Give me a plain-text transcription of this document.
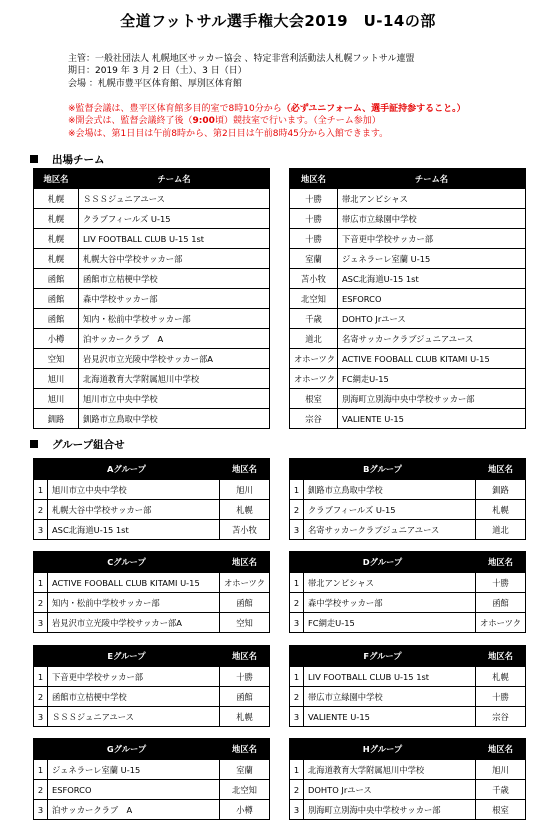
全道フットサル選手権大会2019　U-14の部
主管：一般社団法人 札幌地区サッカー協会 、特定非営利活動法人札幌フットサル連盟
期日：2019 年 3 月 2 日（土）、3 日（日）
会場 ：札幌市豊平区体育館、厚別区体育館
※監督会議は、豊平区体育館多目的室で8時10分から（必ずユニフォーム、選手証持参すること。）
※開会式は、監督会議終了後（9:00頃）競技室で行います。（全チーム参加）
※会場は、第1日目は午前8時から、第2日目は午前8時45分から入館できます。
出場チーム
地区名	チーム名
札幌	ＳＳＳジュニアユース
札幌	クラブフィールズ U-15
札幌	LIV FOOTBALL CLUB U-15 1st
札幌	札幌大谷中学校サッカー部
函館	函館市立桔梗中学校
函館	森中学校サッカー部
函館	知内・松前中学校サッカー部
小樽	泊サッカークラブ　A
空知	岩見沢市立光陵中学校サッカー部A
旭川	北海道教育大学附属旭川中学校
旭川	旭川市立中央中学校
釧路	釧路市立鳥取中学校
地区名	チーム名
十勝	帯北アンビシャス
十勝	帯広市立緑園中学校
十勝	下音更中学校サッカー部
室蘭	ジェネラーレ室蘭 U-15
苫小牧	ASC北海道U-15 1st
北空知	ESFORCO
千歳	DOHTO Jrユース
道北	名寄サッカークラブジュニアユース
オホーツク	ACTIVE FOOBALL CLUB KITAMI U-15
オホーツク	FC網走U-15
根室	別海町立別海中央中学校サッカー部
宗谷	VALIENTE U-15
グループ組合せ
Aグループ		地区名
1	旭川市立中央中学校	旭川
2	札幌大谷中学校サッカー部	札幌
3	ASC北海道U-15 1st	苫小牧
Bグループ		地区名
1	釧路市立鳥取中学校	釧路
2	クラブフィールズ U-15	札幌
3	名寄サッカークラブジュニアユース	道北
Cグループ		地区名
1	ACTIVE FOOBALL CLUB KITAMI U-15	オホーツク
2	知内・松前中学校サッカー部	函館
3	岩見沢市立光陵中学校サッカー部A	空知
Dグループ		地区名
1	帯北アンビシャス	十勝
2	森中学校サッカー部	函館
3	FC網走U-15	オホーツク
Eグループ		地区名
1	下音更中学校サッカー部	十勝
2	函館市立桔梗中学校	函館
3	ＳＳＳジュニアユース	札幌
Fグループ		地区名
1	LIV FOOTBALL CLUB U-15 1st	札幌
2	帯広市立緑園中学校	十勝
3	VALIENTE U-15	宗谷
Gグループ		地区名
1	ジェネラーレ室蘭 U-15	室蘭
2	ESFORCO	北空知
3	泊サッカークラブ　A	小樽
Hグループ		地区名
1	北海道教育大学附属旭川中学校	旭川
2	DOHTO Jrユース	千歳
3	別海町立別海中央中学校サッカー部	根室
